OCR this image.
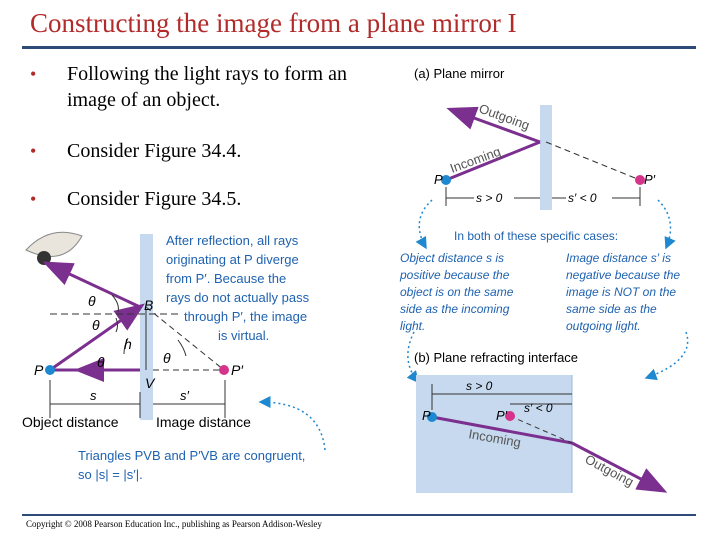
Constructing the image from a plane mirror I
• Following the light rays to form an image of an object.
• Consider Figure 34.4.
• Consider Figure 34.5.
P	P′
B
V
h
θ
θ
θ	θ
s	s′
Object distance	Image distance
After reflection, all rays
originating at P diverge
from P′. Because the
rays do not actually pass
through P′, the image
is virtual.
Triangles PVB and P′VB are congruent,
so |s| = |s′|.
(a) Plane mirror
P	P′
Outgoing
Incoming
s > 0	s′ < 0
In both of these specific cases:
Object distance s is
positive because the
object is on the same
side as the incoming
light.
Image distance s′ is
negative because the
image is NOT on the
same side as the
outgoing light.
(b) Plane refracting interface
P	P′
s > 0
s′ < 0
Incoming
Outgoing
Copyright © 2008 Pearson Education Inc., publishing as Pearson Addison-Wesley
